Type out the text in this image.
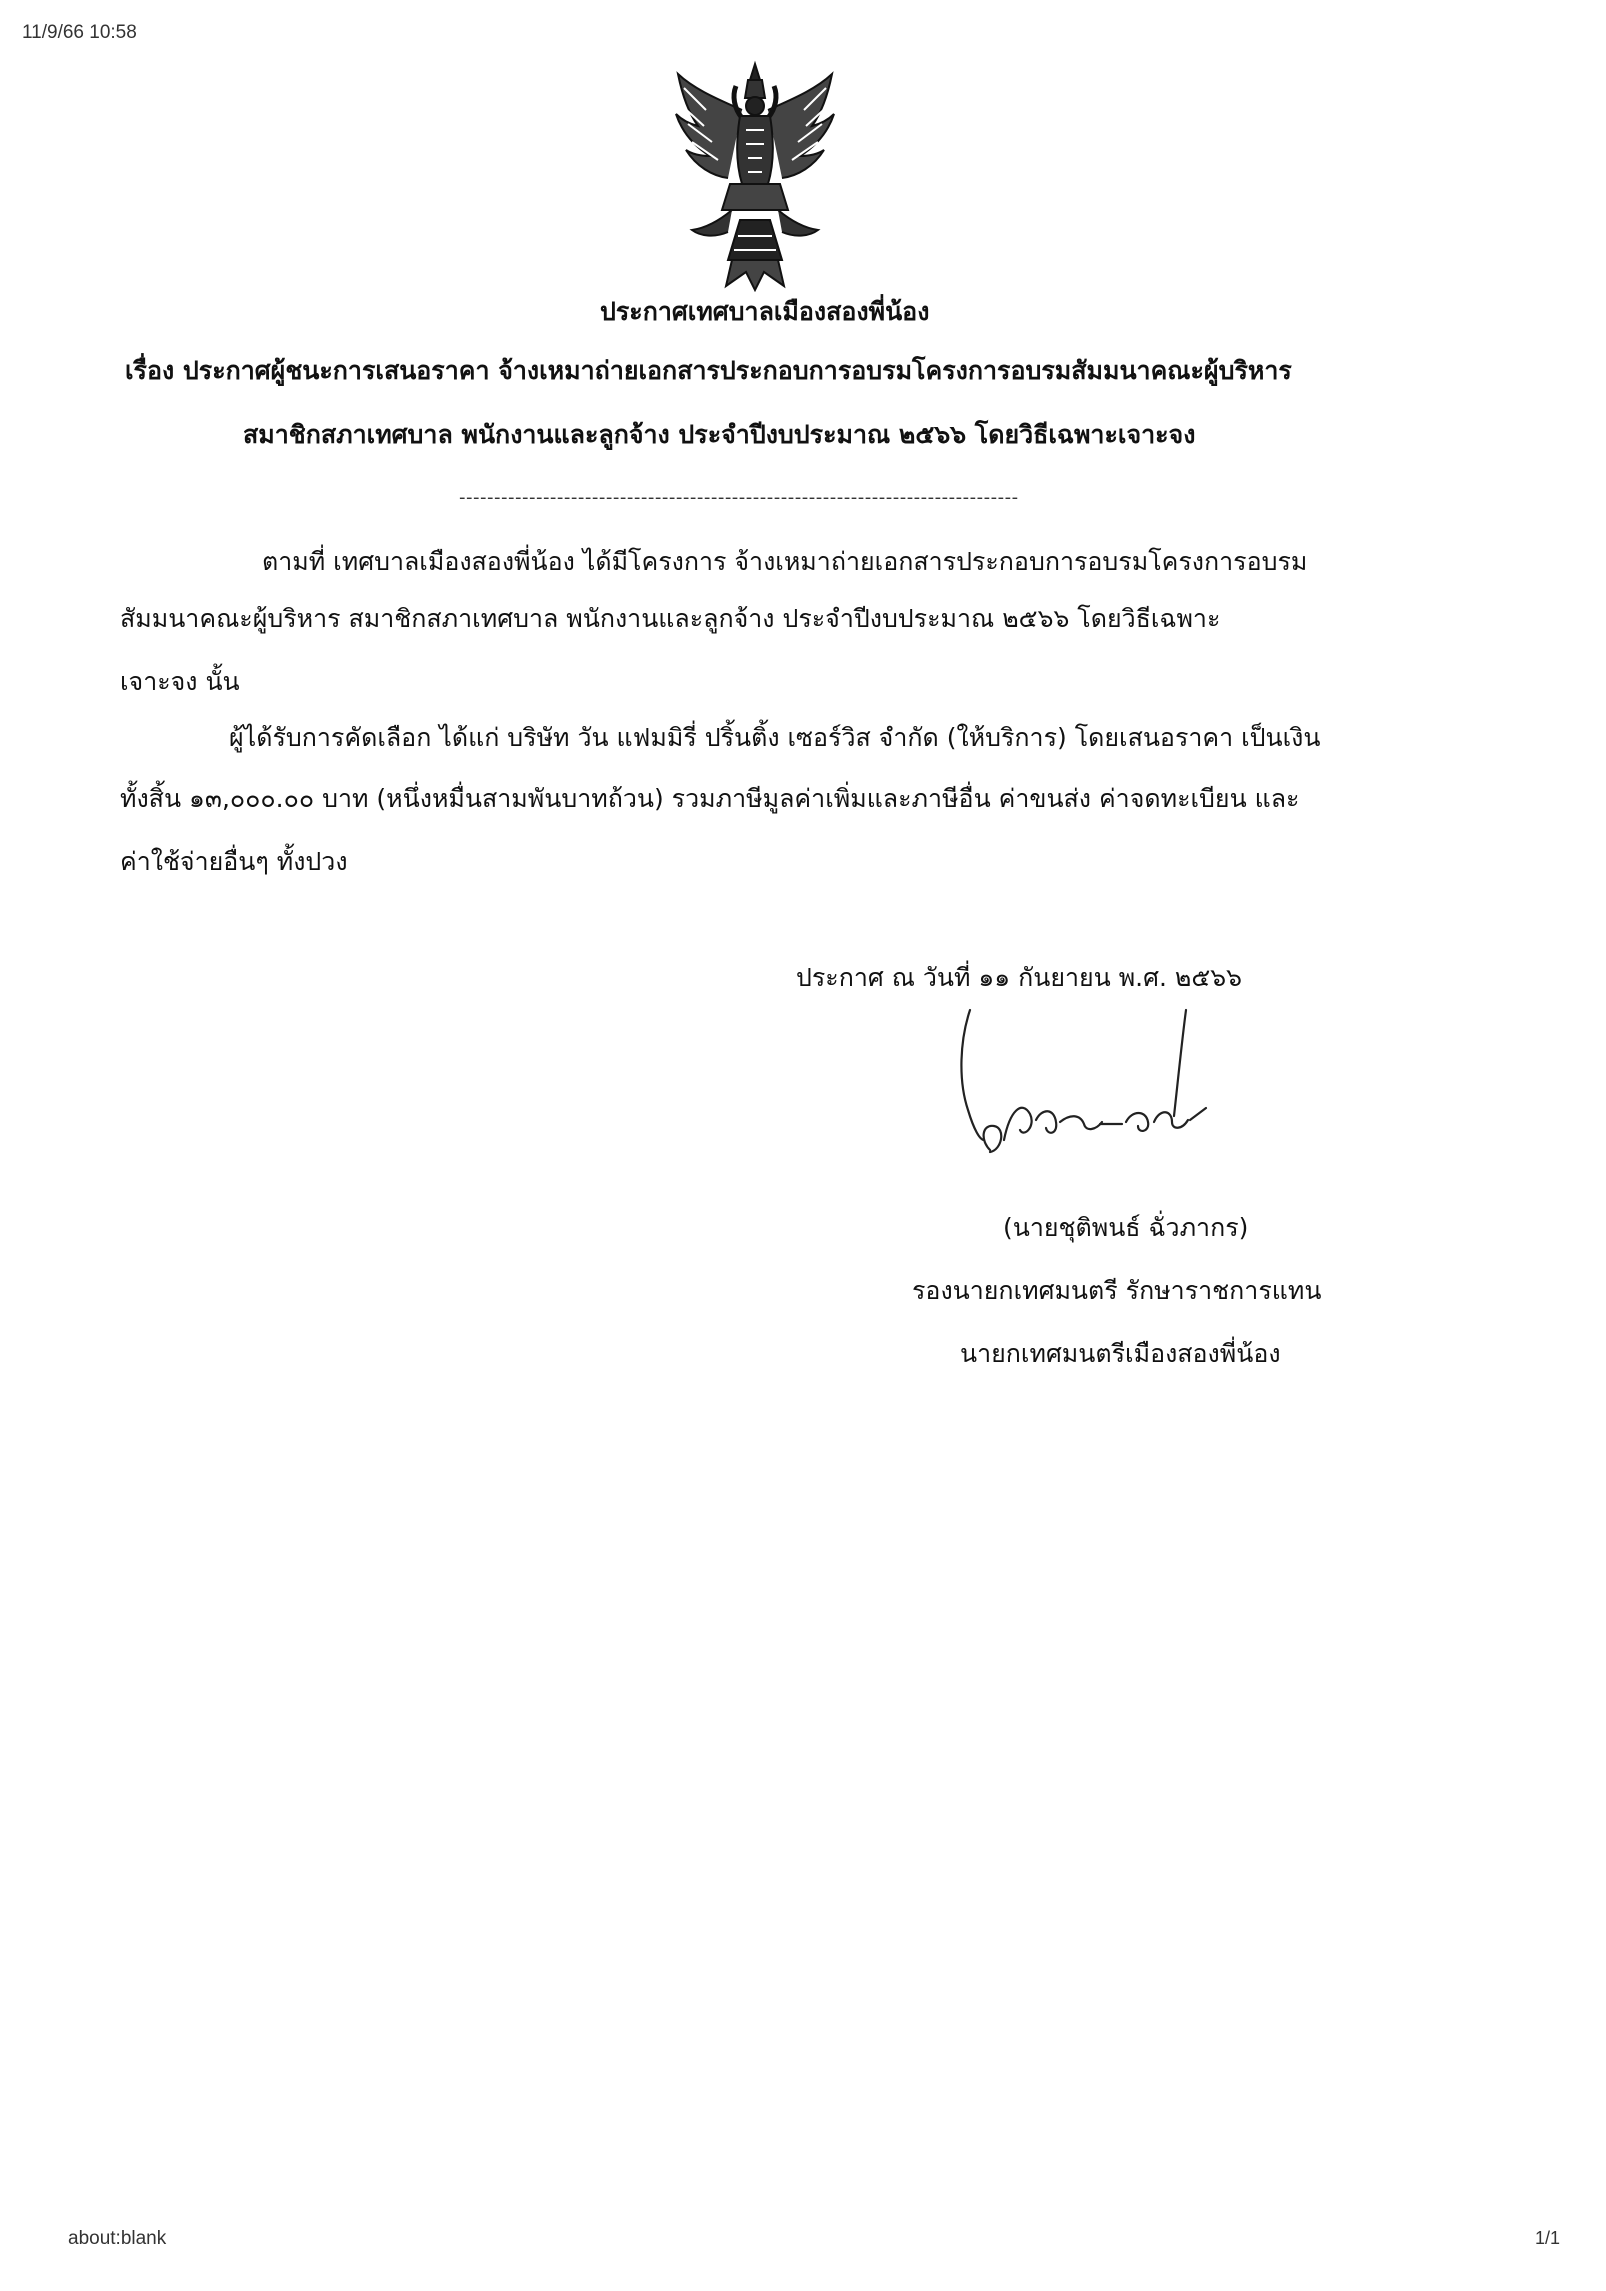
11/9/66 10:58
ประกาศเทศบาลเมืองสองพี่น้อง
เรื่อง ประกาศผู้ชนะการเสนอราคา จ้างเหมาถ่ายเอกสารประกอบการอบรมโครงการอบรมสัมมนาคณะผู้บริหาร
สมาชิกสภาเทศบาล พนักงานและลูกจ้าง ประจำปีงบประมาณ ๒๕๖๖ โดยวิธีเฉพาะเจาะจง
--------------------------------------------------------------------------------
ตามที่ เทศบาลเมืองสองพี่น้อง ได้มีโครงการ จ้างเหมาถ่ายเอกสารประกอบการอบรมโครงการอบรม
สัมมนาคณะผู้บริหาร สมาชิกสภาเทศบาล พนักงานและลูกจ้าง ประจำปีงบประมาณ ๒๕๖๖ โดยวิธีเฉพาะ
เจาะจง นั้น
ผู้ได้รับการคัดเลือก ได้แก่ บริษัท วัน แฟมมิรี่ ปริ้นติ้ง เซอร์วิส จำกัด (ให้บริการ) โดยเสนอราคา เป็นเงิน
ทั้งสิ้น ๑๓,๐๐๐.๐๐ บาท (หนึ่งหมื่นสามพันบาทถ้วน) รวมภาษีมูลค่าเพิ่มและภาษีอื่น ค่าขนส่ง ค่าจดทะเบียน และ
ค่าใช้จ่ายอื่นๆ ทั้งปวง
ประกาศ ณ วันที่ ๑๑ กันยายน พ.ศ. ๒๕๖๖
(นายชุติพนธ์ ฉั่วภากร)
รองนายกเทศมนตรี รักษาราชการแทน
นายกเทศมนตรีเมืองสองพี่น้อง
about:blank	1/1
